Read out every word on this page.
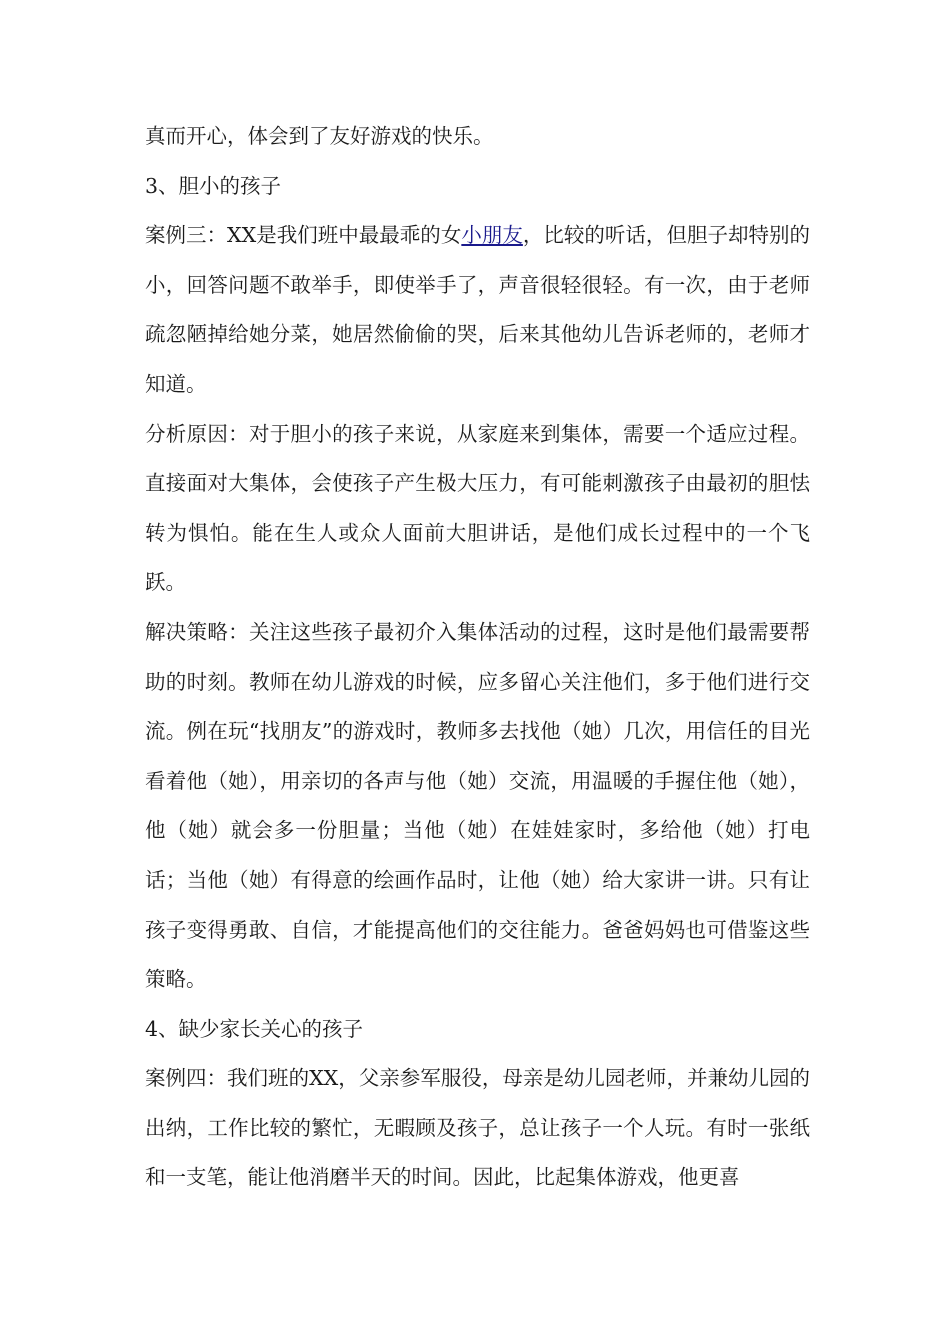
真而开心，体会到了友好游戏的快乐。

3、胆小的孩子

案例三：XX是我们班中最最乖的女小朋友，比较的听话，但胆子却特别的小，回答问题不敢举手，即使举手了，声音很轻很轻。有一次，由于老师疏忽陋掉给她分菜，她居然偷偷的哭，后来其他幼儿告诉老师的，老师才知道。

分析原因：对于胆小的孩子来说，从家庭来到集体，需要一个适应过程。直接面对大集体，会使孩子产生极大压力，有可能刺激孩子由最初的胆怯转为惧怕。能在生人或众人面前大胆讲话，是他们成长过程中的一个飞跃。

解决策略：关注这些孩子最初介入集体活动的过程，这时是他们最需要帮助的时刻。教师在幼儿游戏的时候，应多留心关注他们，多于他们进行交流。例在玩“找朋友”的游戏时，教师多去找他（她）几次，用信任的目光看着他（她），用亲切的各声与他（她）交流，用温暖的手握住他（她），他（她）就会多一份胆量；当他（她）在娃娃家时，多给他（她）打电话；当他（她）有得意的绘画作品时，让他（她）给大家讲一讲。只有让孩子变得勇敢、自信，才能提高他们的交往能力。爸爸妈妈也可借鉴这些策略。

4、缺少家长关心的孩子

案例四：我们班的XX，父亲参军服役，母亲是幼儿园老师，并兼幼儿园的出纳，工作比较的繁忙，无暇顾及孩子，总让孩子一个人玩。有时一张纸和一支笔，能让他消磨半天的时间。因此，比起集体游戏，他更喜
